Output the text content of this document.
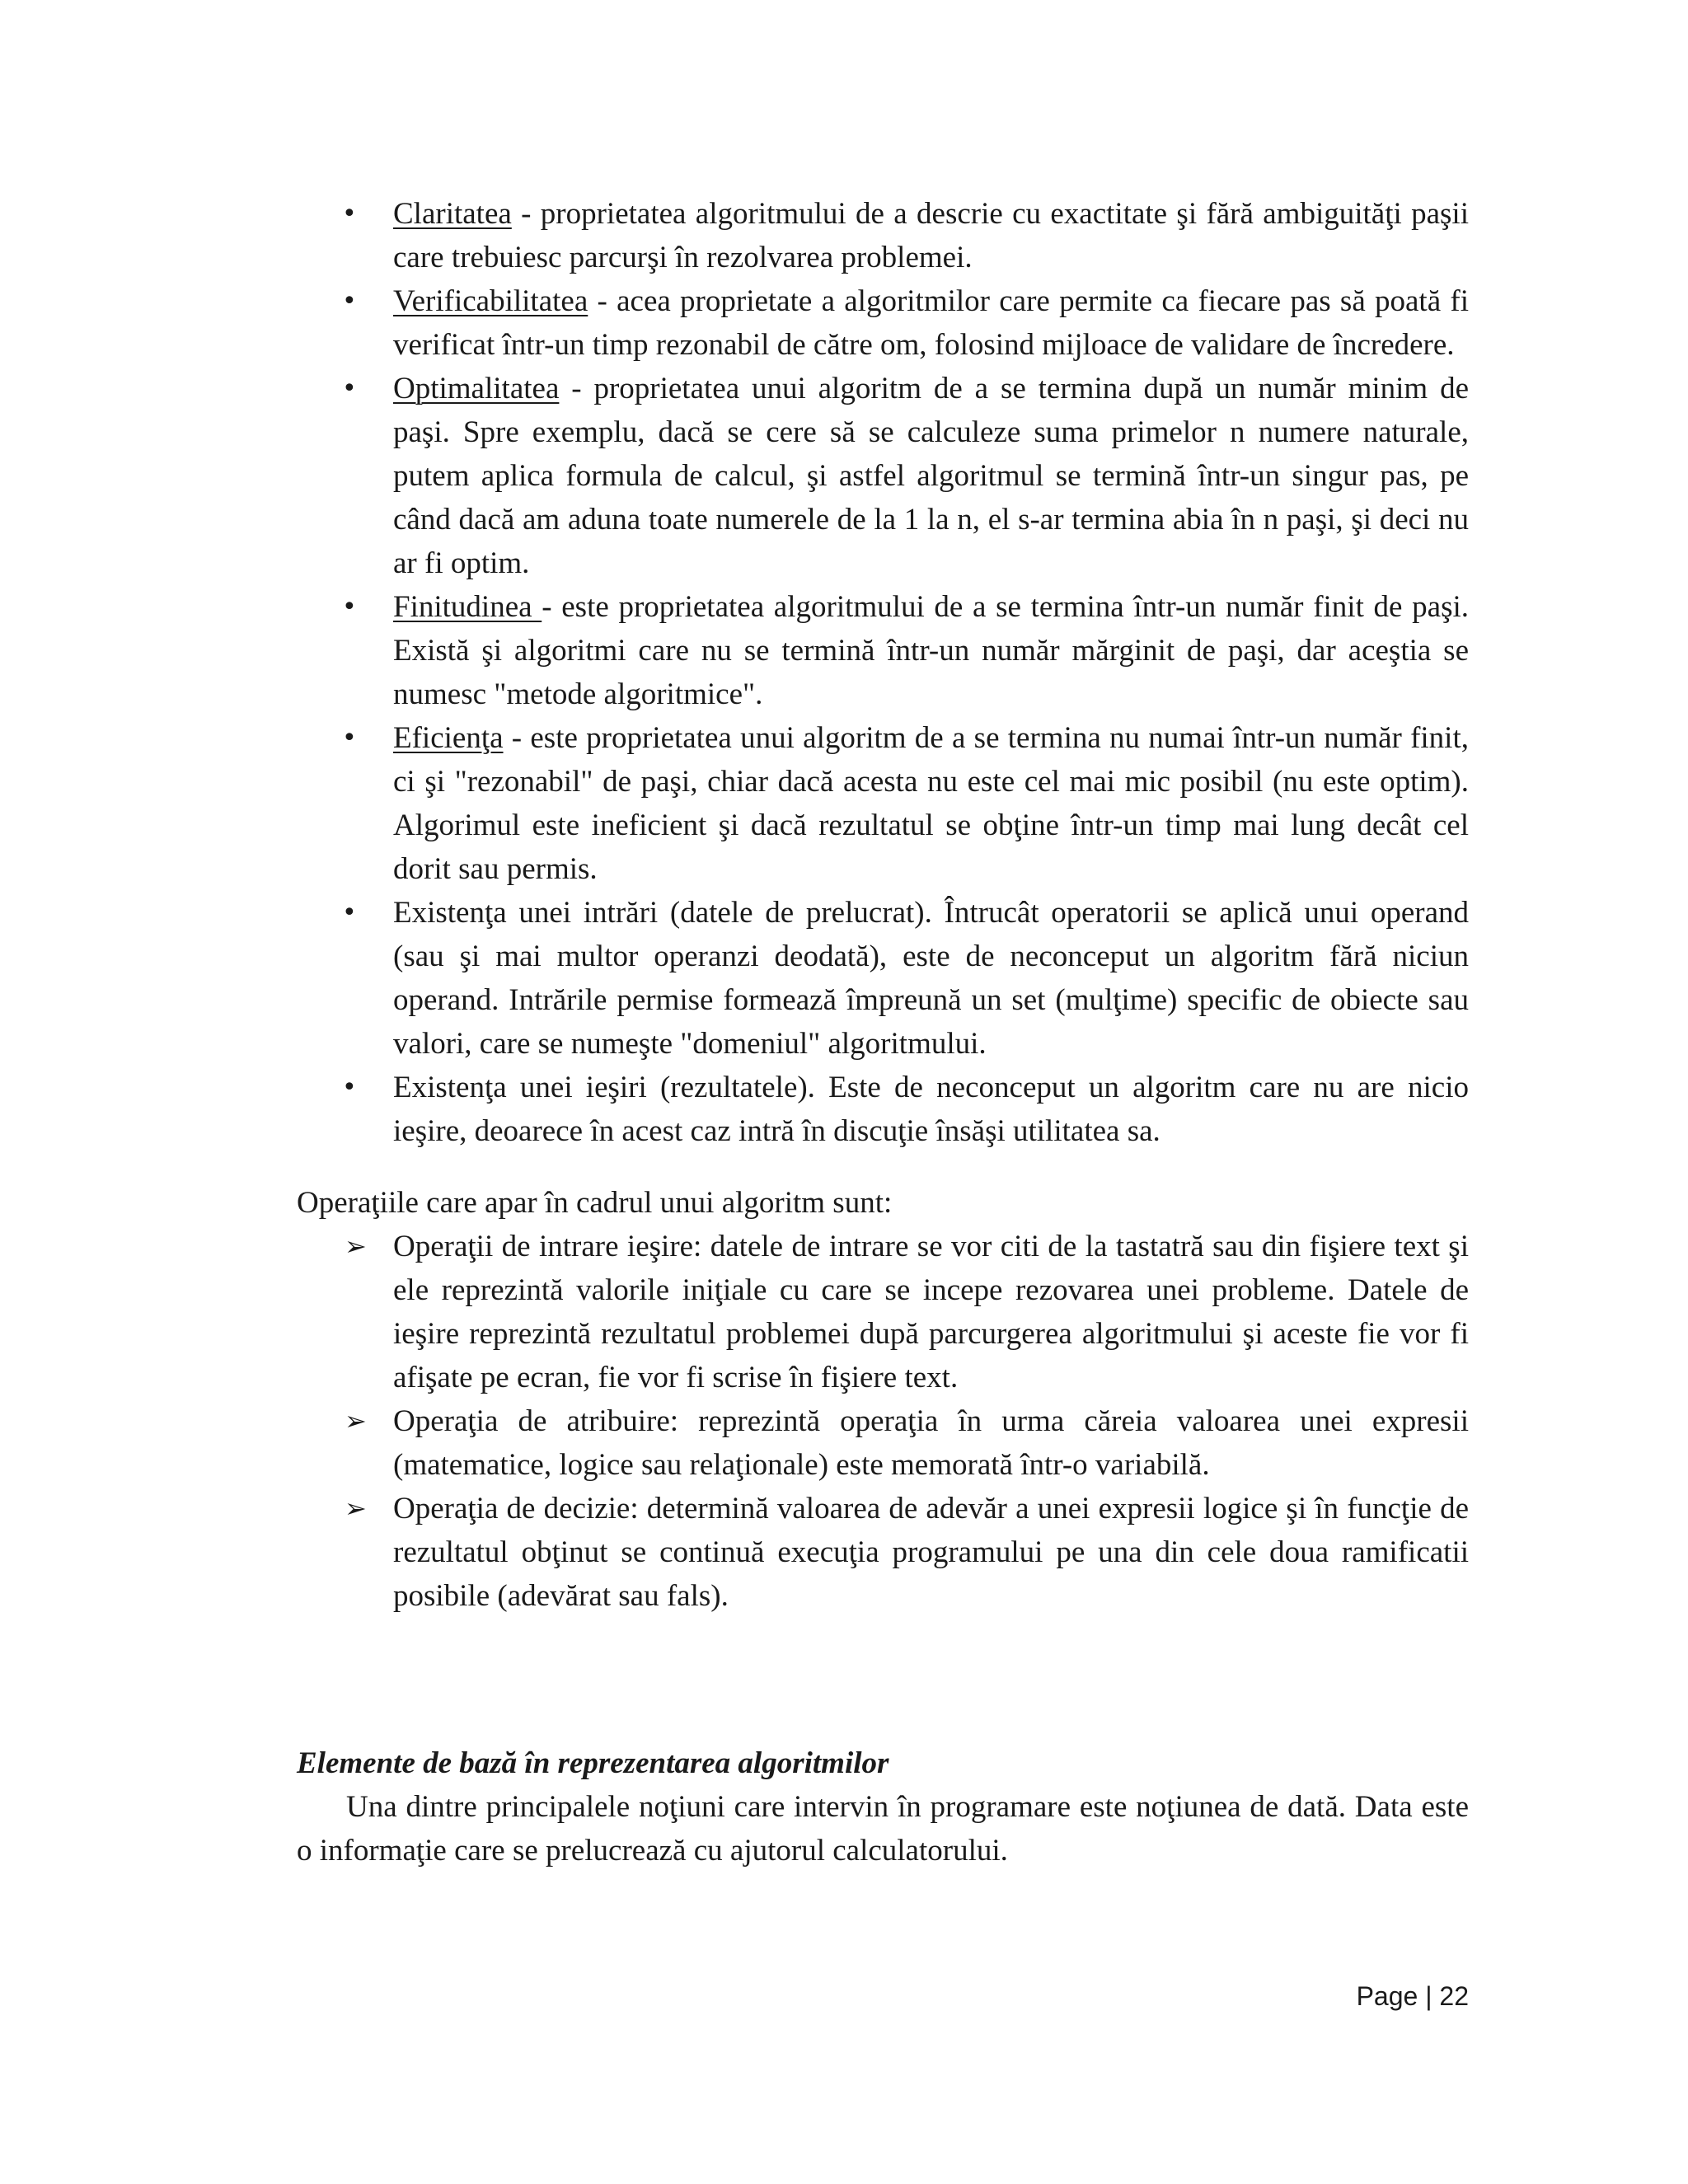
• Claritatea - proprietatea algoritmului de a descrie cu exactitate şi fără ambiguităţi paşii care trebuiesc parcurşi în rezolvarea problemei.
• Verificabilitatea - acea proprietate a algoritmilor care permite ca fiecare pas să poată fi verificat într-un timp rezonabil de către om, folosind mijloace de validare de încredere.
• Optimalitatea - proprietatea unui algoritm de a se termina după un număr minim de paşi. Spre exemplu, dacă se cere să se calculeze suma primelor n numere naturale, putem aplica formula de calcul, şi astfel algoritmul se termină într-un singur pas, pe când dacă am aduna toate numerele de la 1 la n, el s-ar termina abia în n paşi, şi deci nu ar fi optim.
• Finitudinea - este proprietatea algoritmului de a se termina într-un număr finit de paşi. Există şi algoritmi care nu se termină într-un număr mărginit de paşi, dar aceştia se numesc "metode algoritmice".
• Eficienţa - este proprietatea unui algoritm de a se termina nu numai într-un număr finit, ci şi "rezonabil" de paşi, chiar dacă acesta nu este cel mai mic posibil (nu este optim). Algorimul este ineficient şi dacă rezultatul se obţine într-un timp mai lung decât cel dorit sau permis.
• Existenţa unei intrări (datele de prelucrat). Întrucât operatorii se aplică unui operand (sau şi mai multor operanzi deodată), este de neconceput un algoritm fără niciun operand. Intrările permise formează împreună un set (mulţime) specific de obiecte sau valori, care se numeşte "domeniul" algoritmului.
• Existenţa unei ieşiri (rezultatele). Este de neconceput un algoritm care nu are nicio ieşire, deoarece în acest caz intră în discuţie însăşi utilitatea sa.
Operaţiile care apar în cadrul unui algoritm sunt:
➢ Operaţii de intrare ieşire: datele de intrare se vor citi de la tastatră sau din fişiere text şi ele reprezintă valorile iniţiale cu care se incepe rezovarea unei probleme. Datele de ieşire reprezintă rezultatul problemei după parcurgerea algoritmului şi aceste fie vor fi afişate pe ecran, fie vor fi scrise în fişiere text.
➢ Operaţia de atribuire: reprezintă operaţia în urma căreia valoarea unei expresii (matematice, logice sau relaţionale) este memorată într-o variabilă.
➢ Operaţia de decizie: determină valoarea de adevăr a unei expresii logice şi în funcţie de rezultatul obţinut se continuă execuţia programului pe una din cele doua ramificatii posibile (adevărat sau fals).
Elemente de bază în reprezentarea algoritmilor
Una dintre principalele noţiuni care intervin în programare este noţiunea de dată. Data este o informaţie care se prelucrează cu ajutorul calculatorului.
Page | 22
